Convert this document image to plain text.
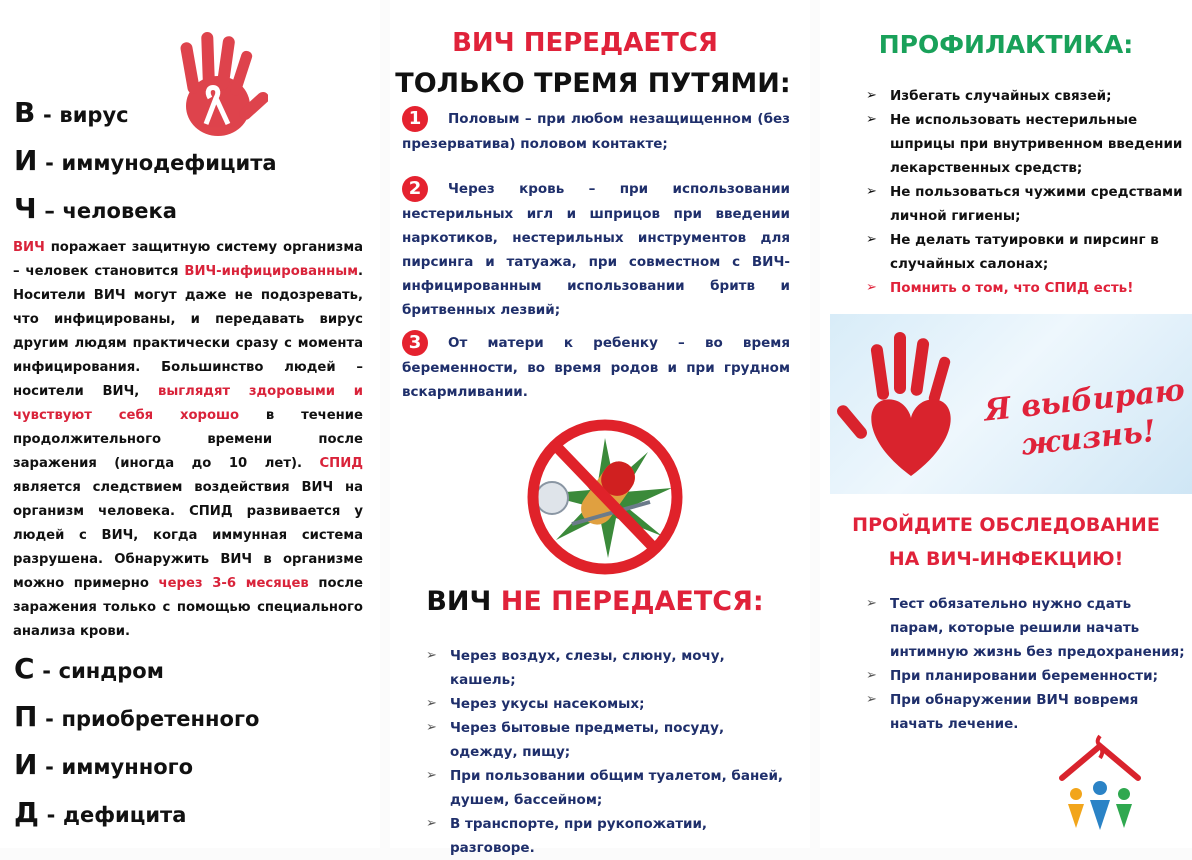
В - вирус
И - иммунодефицита
Ч – человека
ВИЧ поражает защитную систему организма – человек становится ВИЧ-инфицированным. Носители ВИЧ могут даже не подозревать, что инфицированы, и передавать вирус другим людям практически сразу с момента инфицирования. Большинство людей – носители ВИЧ, выглядят здоровыми и чувствуют себя хорошо в течение продолжительного времени после заражения (иногда до 10 лет). СПИД является следствием воздействия ВИЧ на организм человека. СПИД развивается у людей с ВИЧ, когда иммунная система разрушена. Обнаружить ВИЧ в организме можно примерно через 3-6 месяцев после заражения только с помощью специального анализа крови.
С - синдром
П - приобретенного
И - иммунного
Д - дефицита
ВИЧ ПЕРЕДАЕТСЯ
ТОЛЬКО ТРЕМЯ ПУТЯМИ:
1 Половым – при любом незащищенном (без презерватива) половом контакте;
2 Через кровь – при использовании нестерильных игл и шприцов при введении наркотиков, нестерильных инструментов для пирсинга и татуажа, при совместном с ВИЧ-инфицированным использовании бритв и бритвенных лезвий;
3 От матери к ребенку – во время беременности, во время родов и при грудном вскармливании.
ВИЧ НЕ ПЕРЕДАЕТСЯ:
➢ Через воздух, слезы, слюну, мочу, кашель;
➢ Через укусы насекомых;
➢ Через бытовые предметы, посуду, одежду, пищу;
➢ При пользовании общим туалетом, баней, душем, бассейном;
➢ В транспорте, при рукопожатии, разговоре.
ПРОФИЛАКТИКА:
➢ Избегать случайных связей;
➢ Не использовать нестерильные шприцы при внутривенном введении лекарственных средств;
➢ Не пользоваться чужими средствами личной гигиены;
➢ Не делать татуировки и пирсинг в случайных салонах;
➢ Помнить о том, что СПИД есть!
Я выбираю
жизнь!
ПРОЙДИТЕ ОБСЛЕДОВАНИЕ
НА ВИЧ-ИНФЕКЦИЮ!
➢ Тест обязательно нужно сдать парам, которые решили начать интимную жизнь без предохранения;
➢ При планировании беременности;
➢ При обнаружении ВИЧ вовремя начать лечение.
